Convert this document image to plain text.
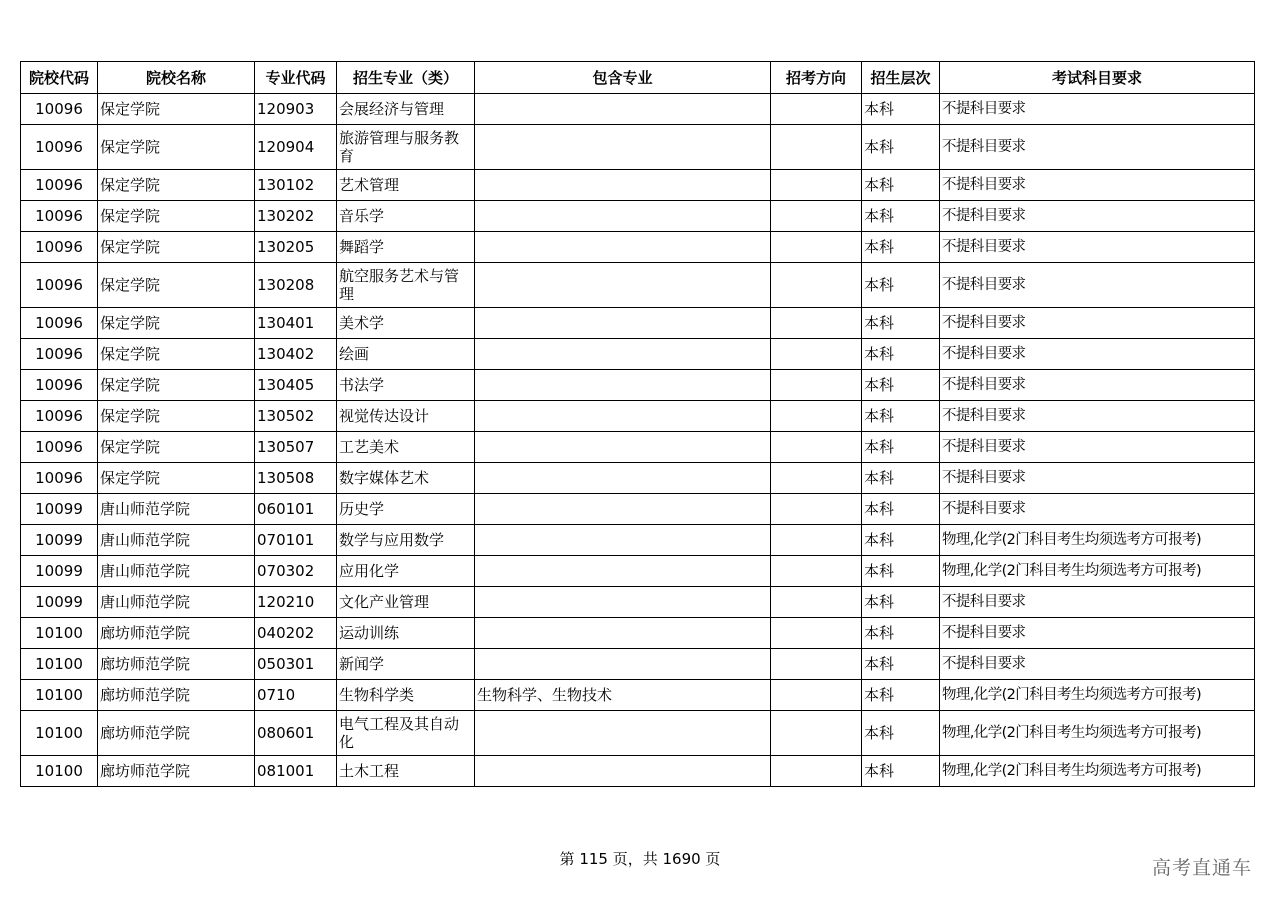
院校代码	院校名称	专业代码	招生专业（类）	包含专业	招考方向	招生层次	考试科目要求
10096	保定学院	120903	会展经济与管理			本科	不提科目要求
10096	保定学院	120904	旅游管理与服务教育			本科	不提科目要求
10096	保定学院	130102	艺术管理			本科	不提科目要求
10096	保定学院	130202	音乐学			本科	不提科目要求
10096	保定学院	130205	舞蹈学			本科	不提科目要求
10096	保定学院	130208	航空服务艺术与管理			本科	不提科目要求
10096	保定学院	130401	美术学			本科	不提科目要求
10096	保定学院	130402	绘画			本科	不提科目要求
10096	保定学院	130405	书法学			本科	不提科目要求
10096	保定学院	130502	视觉传达设计			本科	不提科目要求
10096	保定学院	130507	工艺美术			本科	不提科目要求
10096	保定学院	130508	数字媒体艺术			本科	不提科目要求
10099	唐山师范学院	060101	历史学			本科	不提科目要求
10099	唐山师范学院	070101	数学与应用数学			本科	物理,化学(2门科目考生均须选考方可报考)
10099	唐山师范学院	070302	应用化学			本科	物理,化学(2门科目考生均须选考方可报考)
10099	唐山师范学院	120210	文化产业管理			本科	不提科目要求
10100	廊坊师范学院	040202	运动训练			本科	不提科目要求
10100	廊坊师范学院	050301	新闻学			本科	不提科目要求
10100	廊坊师范学院	0710	生物科学类	生物科学、生物技术		本科	物理,化学(2门科目考生均须选考方可报考)
10100	廊坊师范学院	080601	电气工程及其自动化			本科	物理,化学(2门科目考生均须选考方可报考)
10100	廊坊师范学院	081001	土木工程			本科	物理,化学(2门科目考生均须选考方可报考)
第 115 页，共 1690 页	高考直通车
